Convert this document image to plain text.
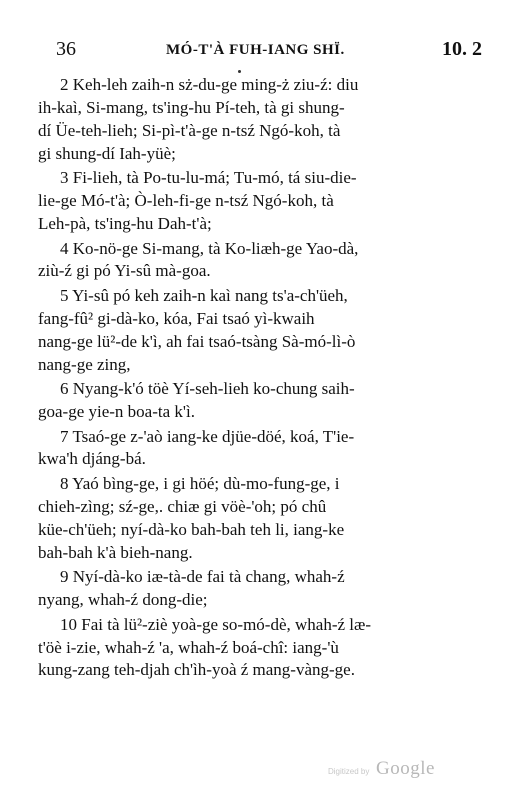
36	MÓ-T'À FUH-IANG SHÏ.	10. 2
2 Keh-leh zaih-n sż-du-ge ming-ż ziu-ź: diu
ih-kaì, Si-mang, ts'ing-hu Pí-teh, tà gi shung-
dí Üe-teh-lieh; Si-pì-t'à-ge n-tsź Ngó-koh, tà
gi shung-dí Iah-yüè;
3 Fi-lieh, tà Po-tu-lu-má; Tu-mó, tá siu-die-
lie-ge Mó-t'à; Ò-leh-fi-ge n-tsź Ngó-koh, tà
Leh-pà, ts'ing-hu Dah-t'à;
4 Ko-nö-ge Si-mang, tà Ko-liæh-ge Yao-dà,
ziù-ź gi pó Yi-sû mà-goa.
5 Yi-sû pó keh zaih-n kaì nang ts'a-ch'üeh,
fang-fû² gi-dà-ko, kóa, Fai tsaó yì-kwaih
nang-ge lü²-de k'ì, ah fai tsaó-tsàng Sà-mó-lì-ò
nang-ge zing,
6 Nyang-k'ó töè Yí-seh-lieh ko-chung saih-
goa-ge yie-n boa-ta k'ì.
7 Tsaó-ge z-'aò iang-ke djüe-döé, koá, T'ie-
kwa'h djáng-bá.
8 Yaó bìng-ge, i gi höé; dù-mo-fung-ge, i
chieh-zìng; sź-ge,. chiæ gi vöè-'oh; pó chû
küe-ch'üeh; nyí-dà-ko bah-bah teh li, iang-ke
bah-bah k'à bieh-nang.
9 Nyí-dà-ko iæ-tà-de fai tà chang, whah-ź
nyang, whah-ź dong-die;
10 Fai tà lü²-ziè yoà-ge so-mó-dè, whah-ź læ-
t'öè i-zie, whah-ź 'a, whah-ź boá-chî: iang-'ù
kung-zang teh-djah ch'ìh-yoà ź mang-vàng-ge.
Digitized by Google
